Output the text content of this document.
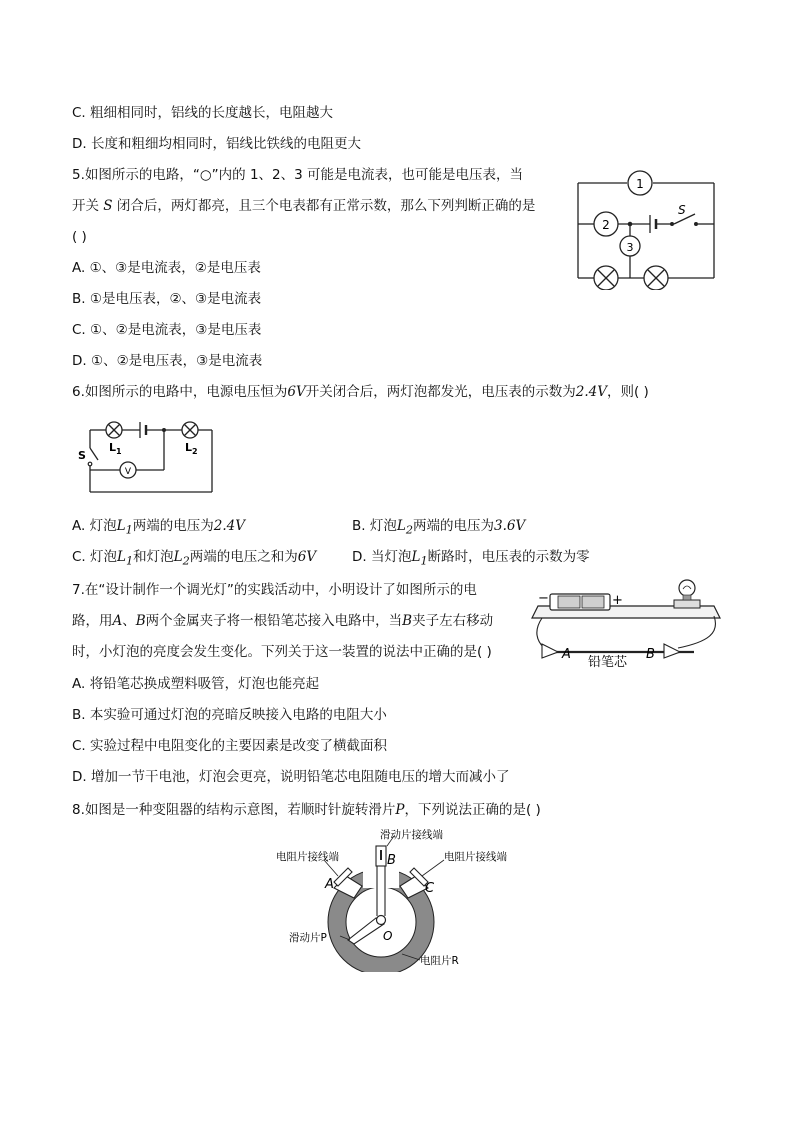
C. 粗细相同时，铝线的长度越长，电阻越大
D. 长度和粗细均相同时，铝线比铁线的电阻更大
5.如图所示的电路，“○”内的 1、2、3 可能是电流表，也可能是电压表，当
开关 S 闭合后，两灯都亮，且三个电表都有正常示数，那么下列判断正确的是
( )
A. ①、③是电流表，②是电压表
B. ①是电压表，②、③是电流表
C. ①、②是电流表，③是电压表
D. ①、②是电压表，③是电流表
1
2
3
S
6.如图所示的电路中，电源电压恒为6V开关闭合后，两灯泡都发光，电压表的示数为2.4V，则( )
$L_1$	$L_2$
S
V
A. 灯泡$L_1$两端的电压为2.4V	B. 灯泡$L_2$两端的电压为3.6V
C. 灯泡$L_1$和灯泡$L_2$两端的电压之和为6V	D. 当灯泡$L_1$断路时，电压表的示数为零
7.在“设计制作一个调光灯”的实践活动中，小明设计了如图所示的电
路，用A、B两个金属夹子将一根铅笔芯接入电路中，当B夹子左右移动
时，小灯泡的亮度会发生变化。下列关于这一装置的说法中正确的是( )
A. 将铅笔芯换成塑料吸管，灯泡也能亮起
B. 本实验可通过灯泡的亮暗反映接入电路的电阻大小
C. 实验过程中电阻变化的主要因素是改变了横截面积
D. 增加一节干电池，灯泡会更亮，说明铅笔芯电阻随电压的增大而减小了
−	+
A	B
铅笔芯
8.如图是一种变阻器的结构示意图，若顺时针旋转滑片P，下列说法正确的是( )
滑动片接线端
电阻片接线端	电阻片接线端
滑动片P
电阻片R
A
B
C
O
